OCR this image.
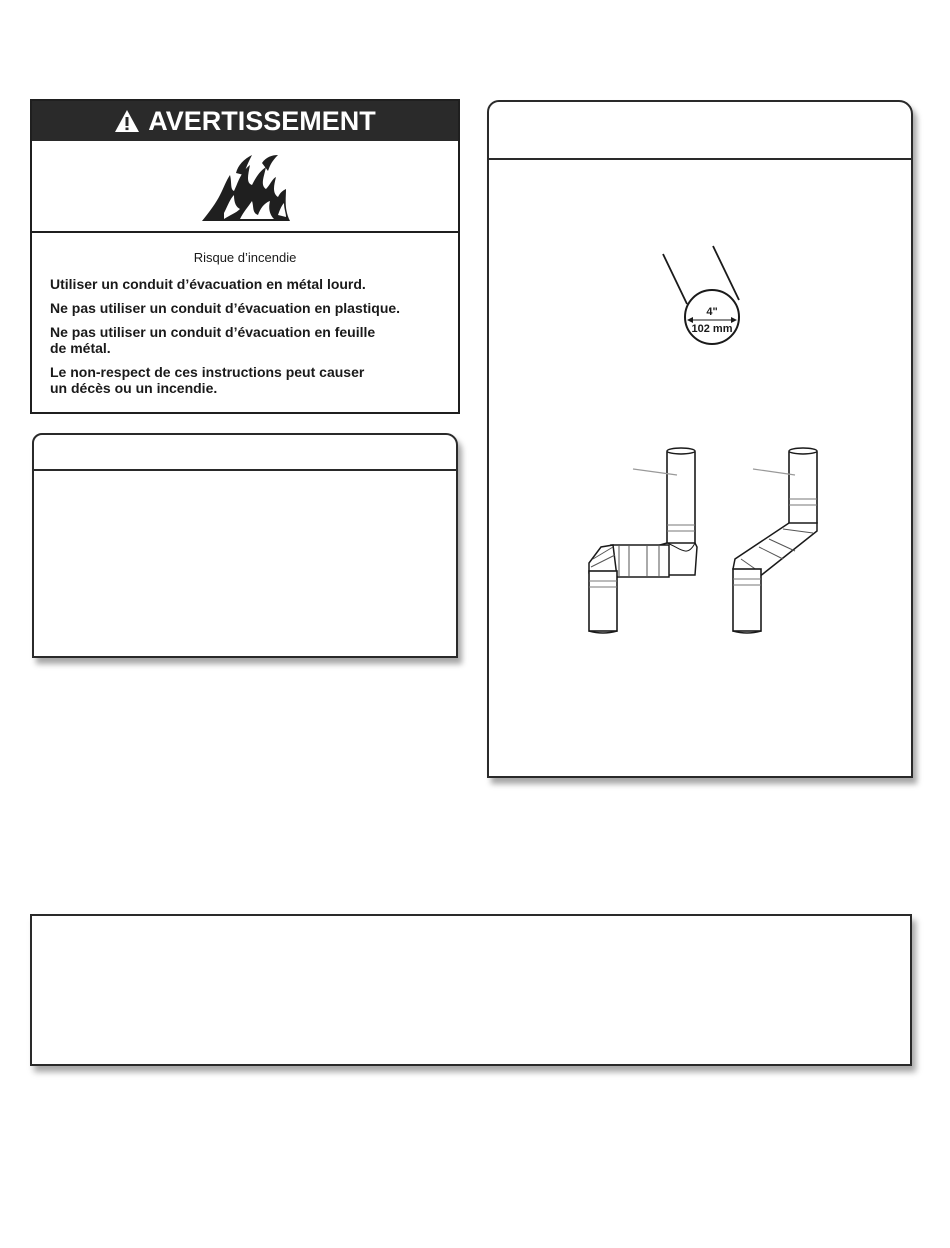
AVERTISSEMENT
Risque d’incendie
Utiliser un conduit d’évacuation en métal lourd.
Ne pas utiliser un conduit d’évacuation en plastique.
Ne pas utiliser un conduit d’évacuation en feuille
de métal.
Le non-respect de ces instructions peut causer
un décès ou un incendie.
4"
102 mm
